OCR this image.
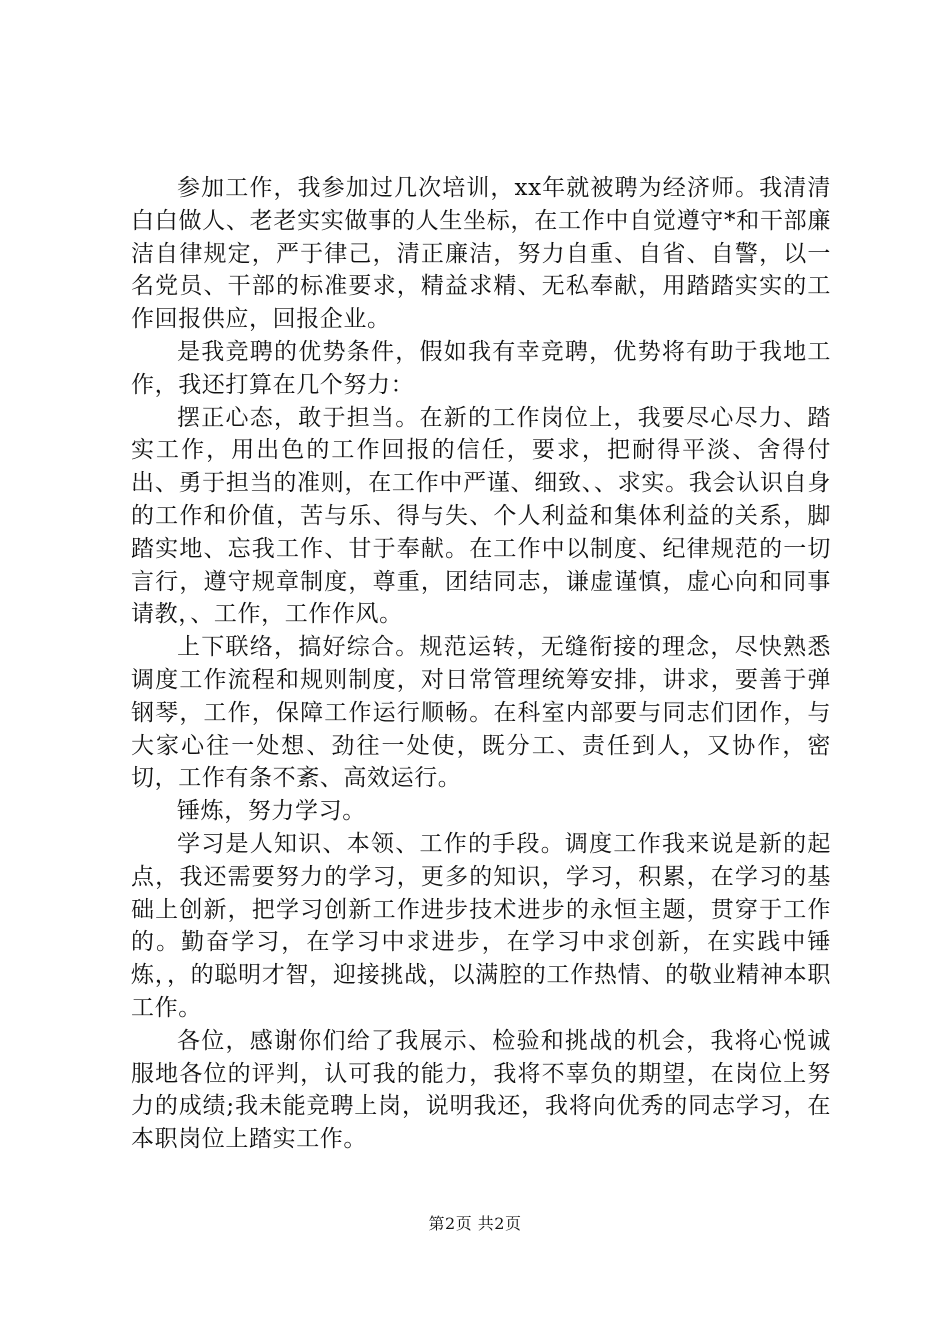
参加工作，我参加过几次培训，xx年就被聘为经济师。我清清白白做人、老老实实做事的人生坐标，在工作中自觉遵守*和干部廉洁自律规定，严于律己，清正廉洁，努力自重、自省、自警，以一名党员、干部的标准要求，精益求精、无私奉献，用踏踏实实的工作回报供应，回报企业。

是我竞聘的优势条件，假如我有幸竞聘，优势将有助于我地工作，我还打算在几个努力：

摆正心态，敢于担当。在新的工作岗位上，我要尽心尽力、踏实工作，用出色的工作回报的信任，要求，把耐得平淡、舍得付出、勇于担当的准则，在工作中严谨、细致、、求实。我会认识自身的工作和价值，苦与乐、得与失、个人利益和集体利益的关系，脚踏实地、忘我工作、甘于奉献。在工作中以制度、纪律规范的一切言行，遵守规章制度，尊重，团结同志，谦虚谨慎，虚心向和同事请教，、工作，工作作风。

上下联络，搞好综合。规范运转，无缝衔接的理念，尽快熟悉调度工作流程和规则制度，对日常管理统筹安排，讲求，要善于弹钢琴，工作，保障工作运行顺畅。在科室内部要与同志们团作，与大家心往一处想、劲往一处使，既分工、责任到人，又协作，密切，工作有条不紊、高效运行。

锤炼，努力学习。

学习是人知识、本领、工作的手段。调度工作我来说是新的起点，我还需要努力的学习，更多的知识，学习，积累，在学习的基础上创新，把学习创新工作进步技术进步的永恒主题，贯穿于工作的。勤奋学习，在学习中求进步，在学习中求创新，在实践中锤炼，，的聪明才智，迎接挑战，以满腔的工作热情、的敬业精神本职工作。

各位，感谢你们给了我展示、检验和挑战的机会，我将心悦诚服地各位的评判，认可我的能力，我将不辜负的期望，在岗位上努力的成绩;我未能竞聘上岗，说明我还，我将向优秀的同志学习，在本职岗位上踏实工作。

第2页 共2页
